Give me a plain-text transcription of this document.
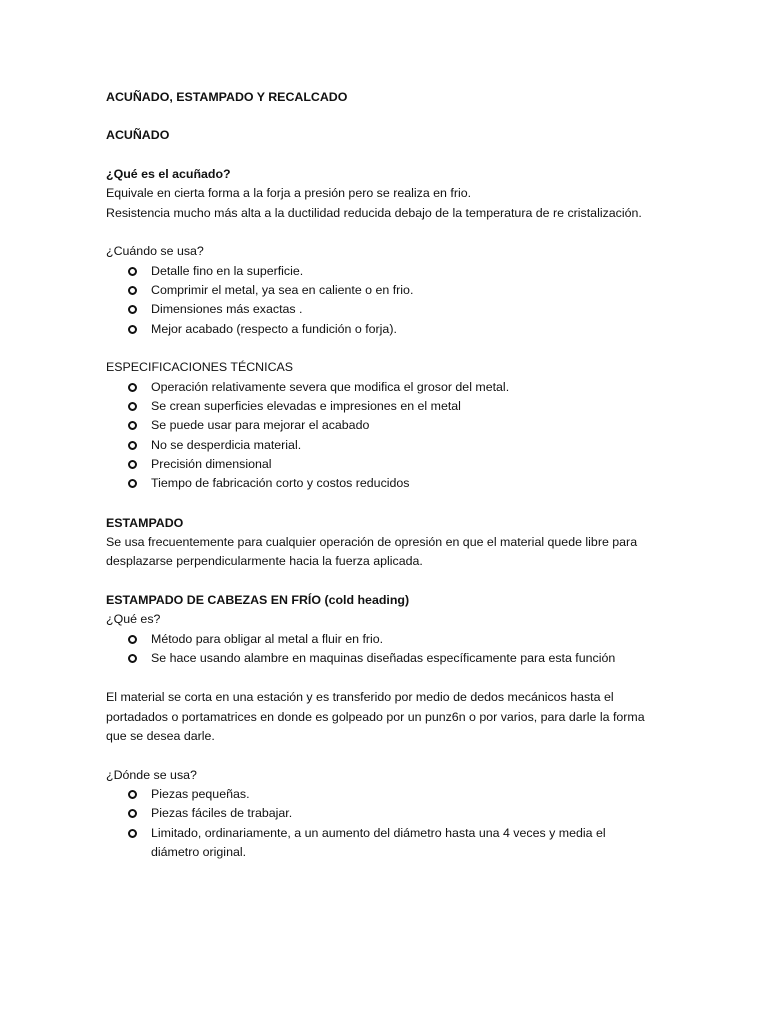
ACUÑADO, ESTAMPADO Y RECALCADO
ACUÑADO
¿Qué es el acuñado?
Equivale en cierta forma a la forja a presión pero se realiza en frio.
Resistencia mucho más alta a la ductilidad reducida debajo de la temperatura de re cristalización.
¿Cuándo se usa?
Detalle fino en la superficie.
Comprimir el metal, ya sea en caliente o en frio.
Dimensiones más exactas .
Mejor acabado (respecto a fundición o forja).
ESPECIFICACIONES TÉCNICAS
Operación relativamente severa que modifica el grosor del metal.
Se crean superficies elevadas e impresiones en el metal
Se puede usar para mejorar el acabado
No se desperdicia material.
Precisión dimensional
Tiempo de fabricación corto y costos reducidos
ESTAMPADO
Se usa frecuentemente para cualquier operación de opresión en que el material quede libre para
desplazarse perpendicularmente hacia la fuerza aplicada.
ESTAMPADO DE CABEZAS EN FRÍO (cold heading)
¿Qué es?
Método para obligar al metal a fluir en frio.
Se hace usando alambre en maquinas diseñadas específicamente para esta función
El material se corta en una estación y es transferido por medio de dedos mecánicos hasta el
portadados o portamatrices en donde es golpeado por un punz6n o por varios, para darle la forma
que se desea darle.
¿Dónde se usa?
Piezas pequeñas.
Piezas fáciles de trabajar.
Limitado, ordinariamente, a un aumento del diámetro hasta una 4 veces y media el
diámetro original.
